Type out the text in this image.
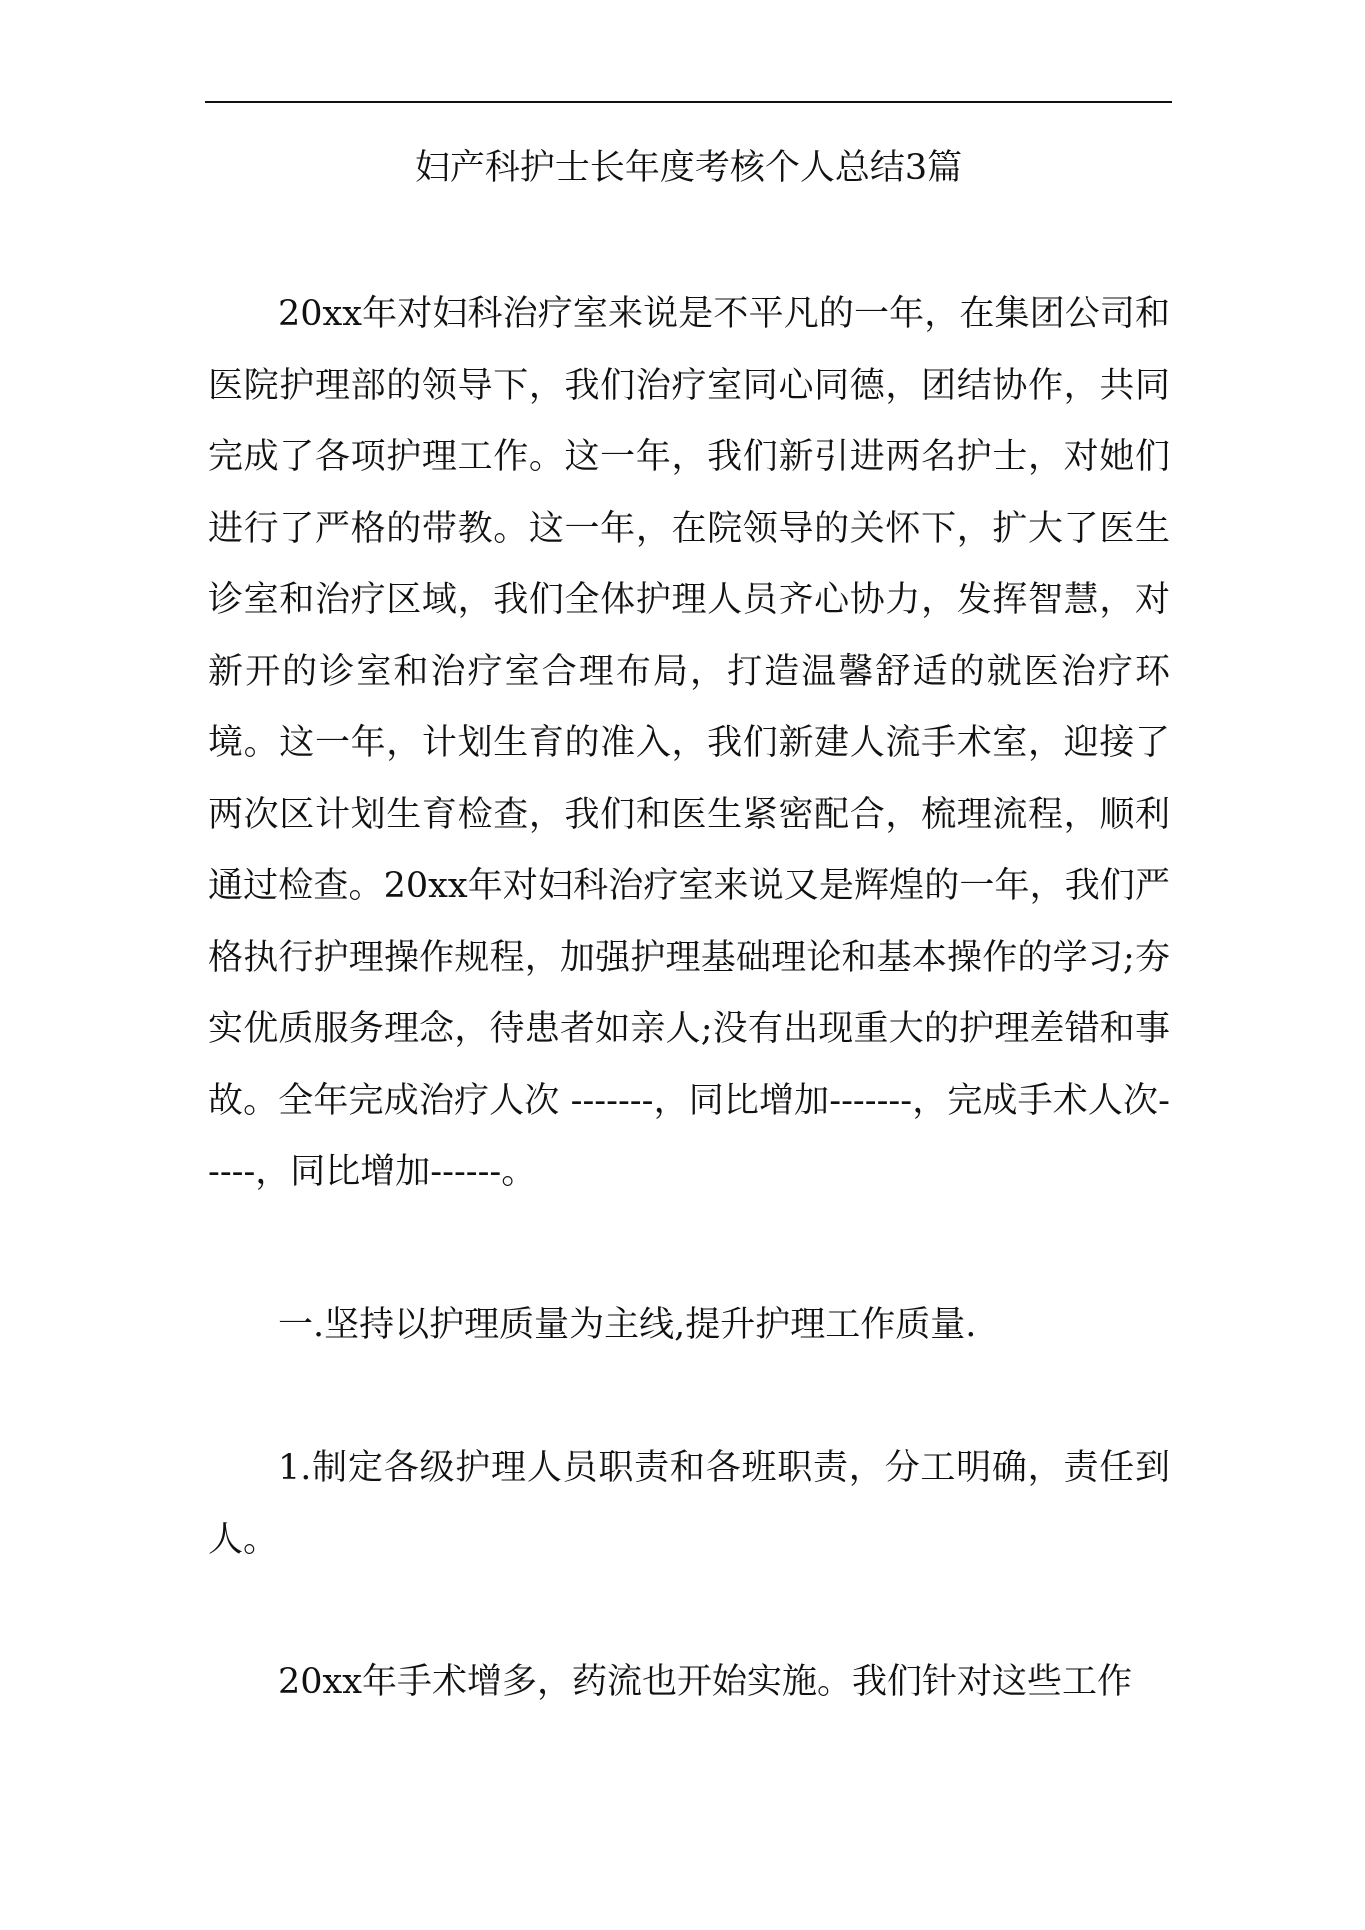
妇产科护士长年度考核个人总结3篇

20xx年对妇科治疗室来说是不平凡的一年，在集团公司和医院护理部的领导下，我们治疗室同心同德，团结协作，共同完成了各项护理工作。这一年，我们新引进两名护士，对她们进行了严格的带教。这一年，在院领导的关怀下，扩大了医生诊室和治疗区域，我们全体护理人员齐心协力，发挥智慧，对新开的诊室和治疗室合理布局，打造温馨舒适的就医治疗环境。这一年，计划生育的准入，我们新建人流手术室，迎接了两次区计划生育检查，我们和医生紧密配合，梳理流程，顺利通过检查。20xx年对妇科治疗室来说又是辉煌的一年，我们严格执行护理操作规程，加强护理基础理论和基本操作的学习;夯实优质服务理念，待患者如亲人;没有出现重大的护理差错和事故。全年完成治疗人次 -------，同比增加-------，完成手术人次-----，同比增加------。

一.坚持以护理质量为主线,提升护理工作质量.

1.制定各级护理人员职责和各班职责，分工明确，责任到人。

20xx年手术增多，药流也开始实施。我们针对这些工作
